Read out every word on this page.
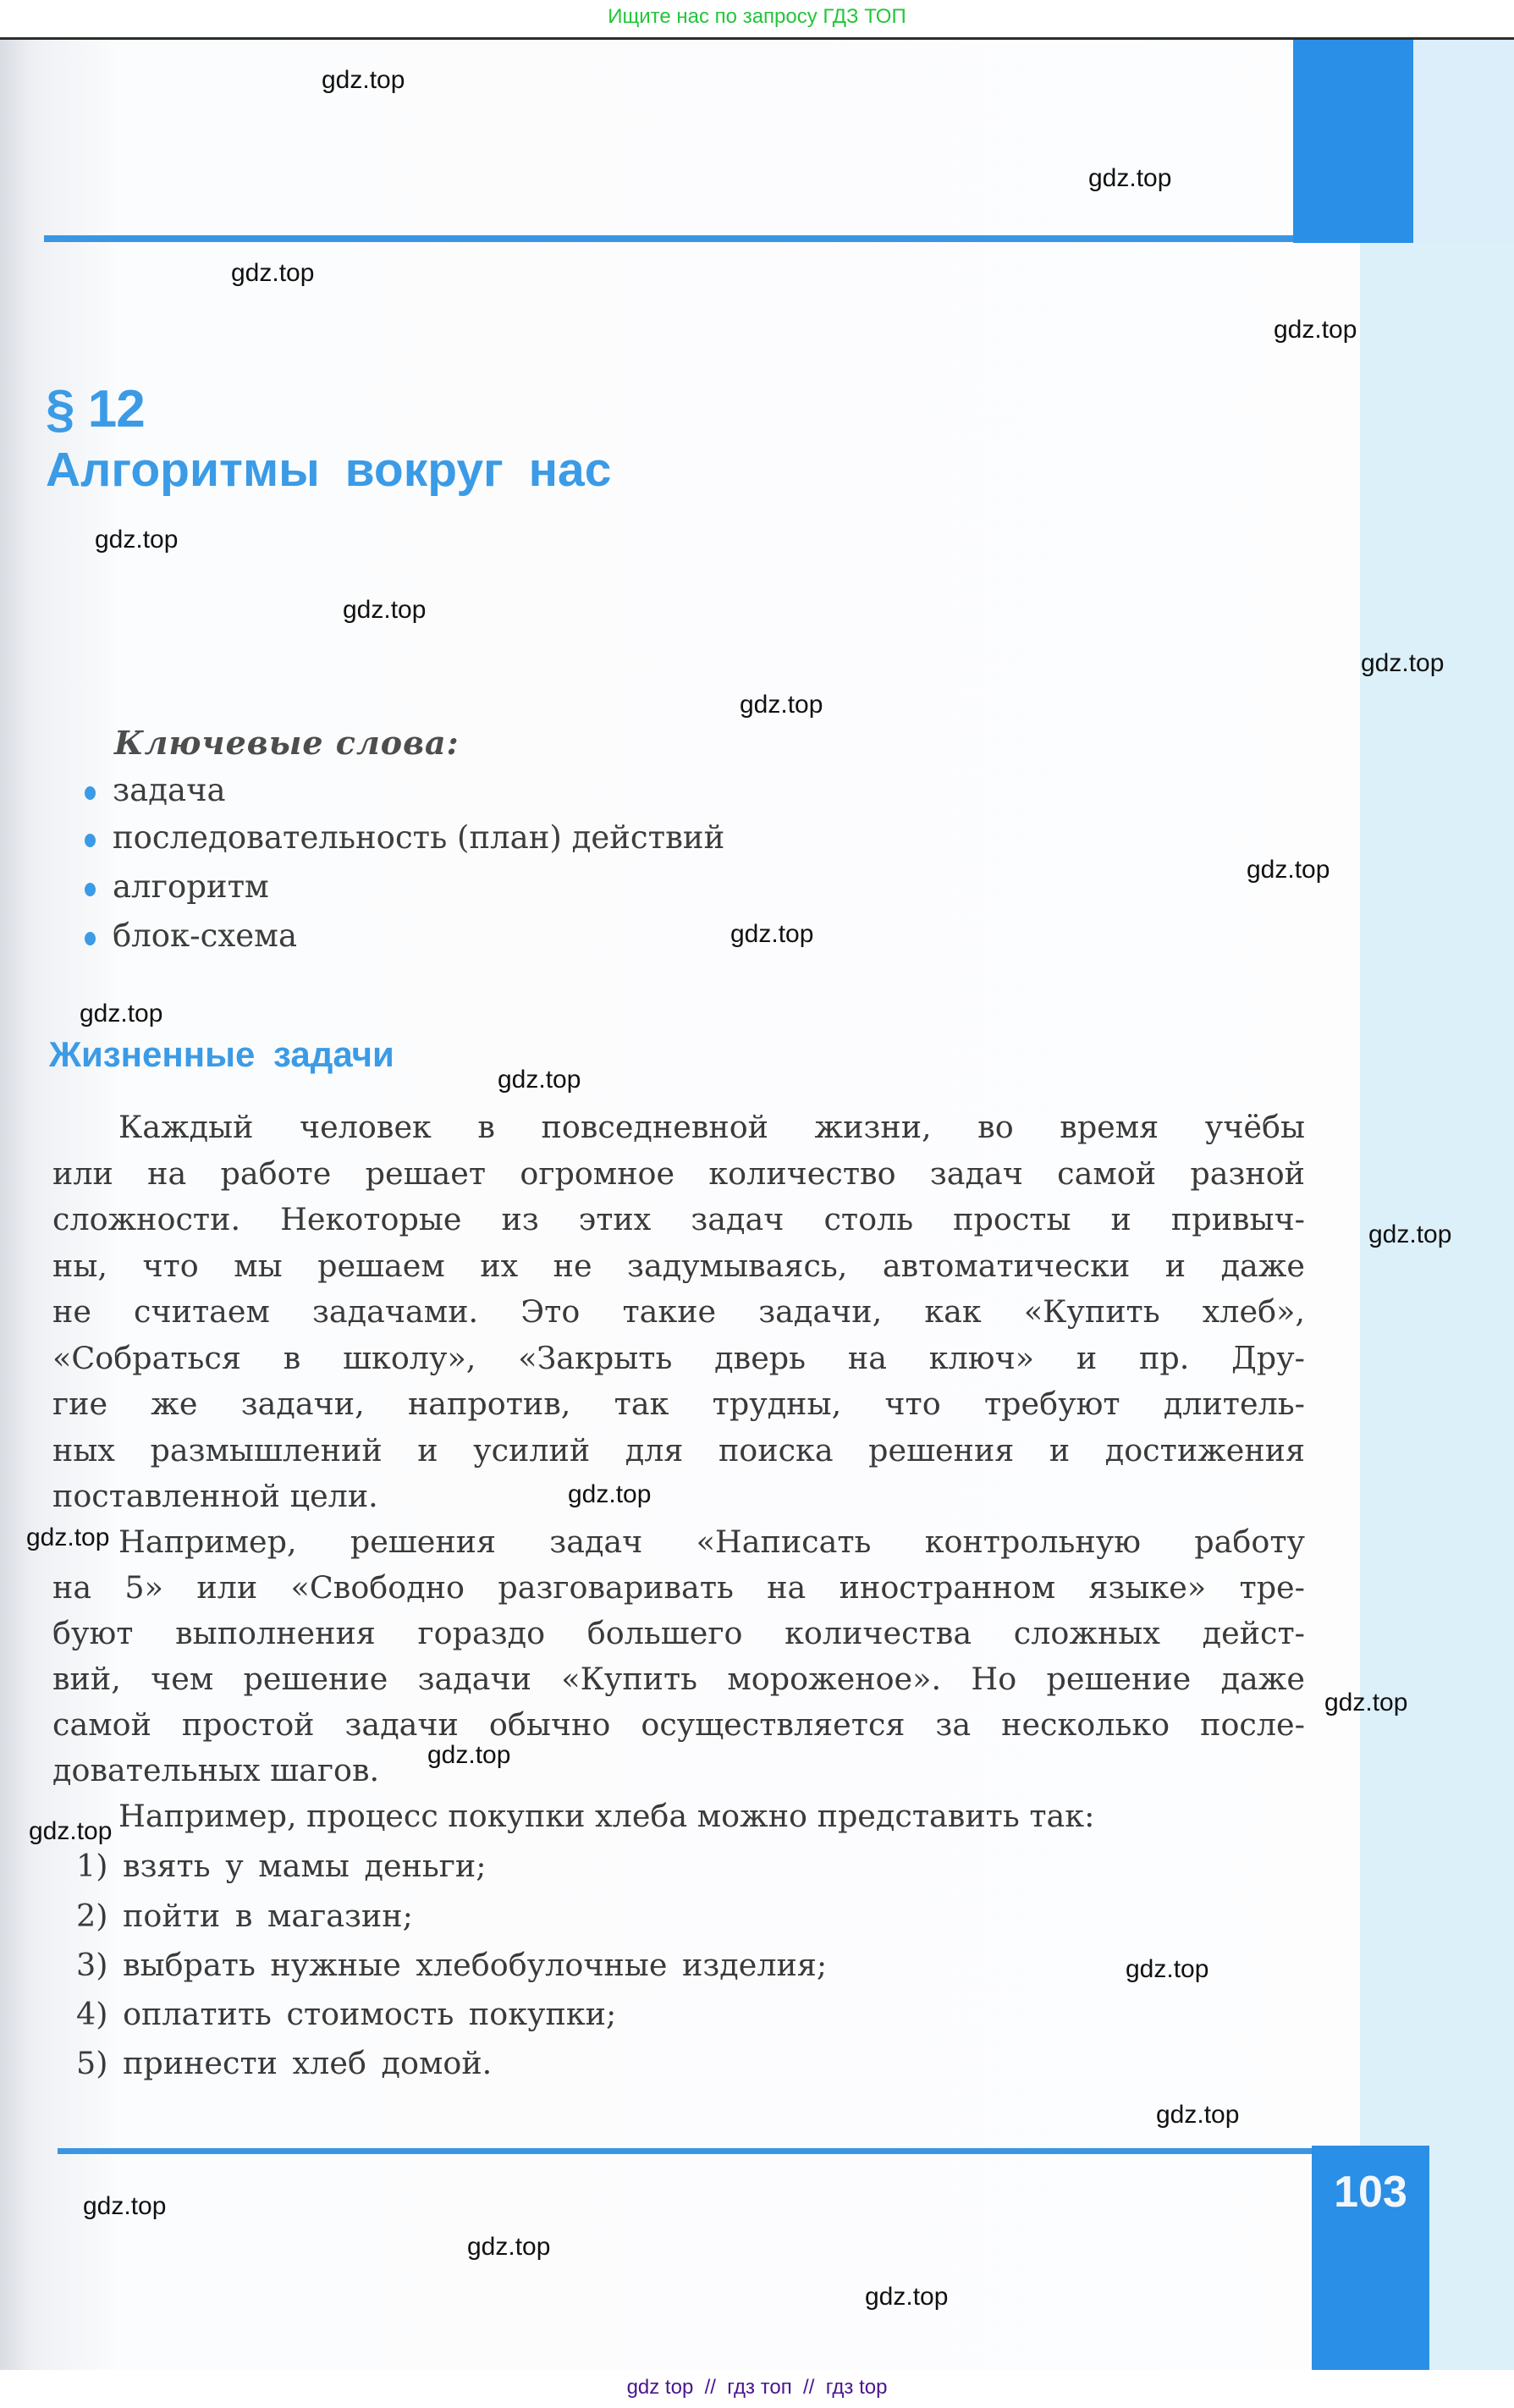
Ищите нас по запросу ГДЗ ТОП
§ 12
Алгоритмы вокруг нас
Ключевые слова:
задача
последовательность (план) действий
алгоритм
блок-схема
Жизненные задачи
Каждый человек в повседневной жизни, во время учёбы
или на работе решает огромное количество задач самой разной
сложности. Некоторые из этих задач столь просты и привыч-
ны, что мы решаем их не задумываясь, автоматически и даже
не считаем задачами. Это такие задачи, как «Купить хлеб»,
«Собраться в школу», «Закрыть дверь на ключ» и пр. Дру-
гие же задачи, напротив, так трудны, что требуют длитель-
ных размышлений и усилий для поиска решения и достижения
поставленной цели.
Например, решения задач «Написать контрольную работу
на 5» или «Свободно разговаривать на иностранном языке» тре-
буют выполнения гораздо большего количества сложных дейст-
вий, чем решение задачи «Купить мороженое». Но решение даже
самой простой задачи обычно осуществляется за несколько после-
довательных шагов.
Например, процесс покупки хлеба можно представить так:
1) взять у мамы деньги;
2) пойти в магазин;
3) выбрать нужные хлебобулочные изделия;
4) оплатить стоимость покупки;
5) принести хлеб домой.
103
gdz.top
gdz.top
gdz.top
gdz.top
gdz.top
gdz.top
gdz.top
gdz.top
gdz.top
gdz.top
gdz.top
gdz.top
gdz.top
gdz.top
gdz.top
gdz.top
gdz.top
gdz.top
gdz.top
gdz.top
gdz.top
gdz.top
gdz.top
gdz top  //  гдз топ  //  гдз top
